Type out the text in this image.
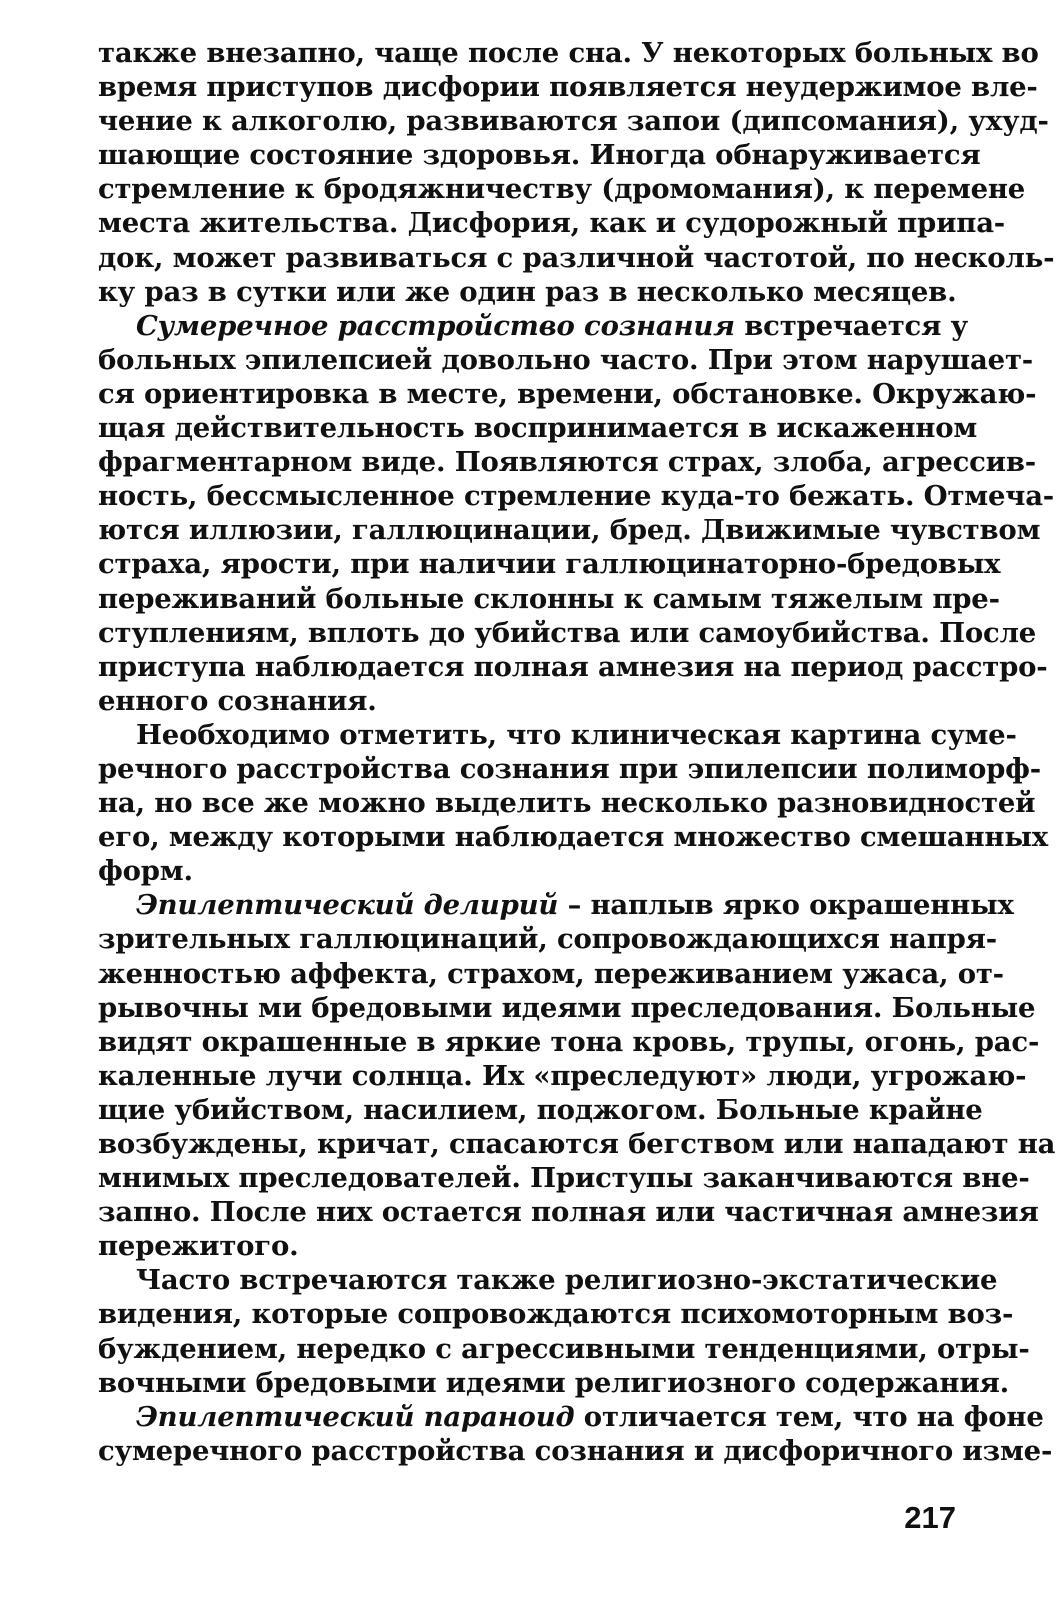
также внезапно, чаще после сна. У некоторых больных во
время приступов дисфории появляется неудержимое вле-
чение к алкоголю, развиваются запои (дипсомания), ухуд-
шающие состояние здоровья. Иногда обнаруживается
стремление к бродяжничеству (дромомания), к перемене
места жительства. Дисфория, как и судорожный припа-
док, может развиваться с различной частотой, по несколь-
ку раз в сутки или же один раз в несколько месяцев.
Сумеречное расстройство сознания встречается у
больных эпилепсией довольно часто. При этом нарушает-
ся ориентировка в месте, времени, обстановке. Окружаю-
щая действительность воспринимается в искаженном
фрагментарном виде. Появляются страх, злоба, агрессив-
ность, бессмысленное стремление куда-то бежать. Отмеча-
ются иллюзии, галлюцинации, бред. Движимые чувством
страха, ярости, при наличии галлюцинаторно-бредовых
переживаний больные склонны к самым тяжелым пре-
ступлениям, вплоть до убийства или самоубийства. После
приступа наблюдается полная амнезия на период расстро-
енного сознания.
Необходимо отметить, что клиническая картина суме-
речного расстройства сознания при эпилепсии полиморф-
на, но все же можно выделить несколько разновидностей
его, между которыми наблюдается множество смешанных
форм.
Эпилептический делирий – наплыв ярко окрашенных
зрительных галлюцинаций, сопровождающихся напря-
женностью аффекта, страхом, переживанием ужаса, от-
рывочны ми бредовыми идеями преследования. Больные
видят окрашенные в яркие тона кровь, трупы, огонь, рас-
каленные лучи солнца. Их «преследуют» люди, угрожаю-
щие убийством, насилием, поджогом. Больные крайне
возбуждены, кричат, спасаются бегством или нападают на
мнимых преследователей. Приступы заканчиваются вне-
запно. После них остается полная или частичная амнезия
пережитого.
Часто встречаются также религиозно-экстатические
видения, которые сопровождаются психомоторным воз-
буждением, нередко с агрессивными тенденциями, отры-
вочными бредовыми идеями религиозного содержания.
Эпилептический параноид отличается тем, что на фоне
сумеречного расстройства сознания и дисфоричного изме-
217
